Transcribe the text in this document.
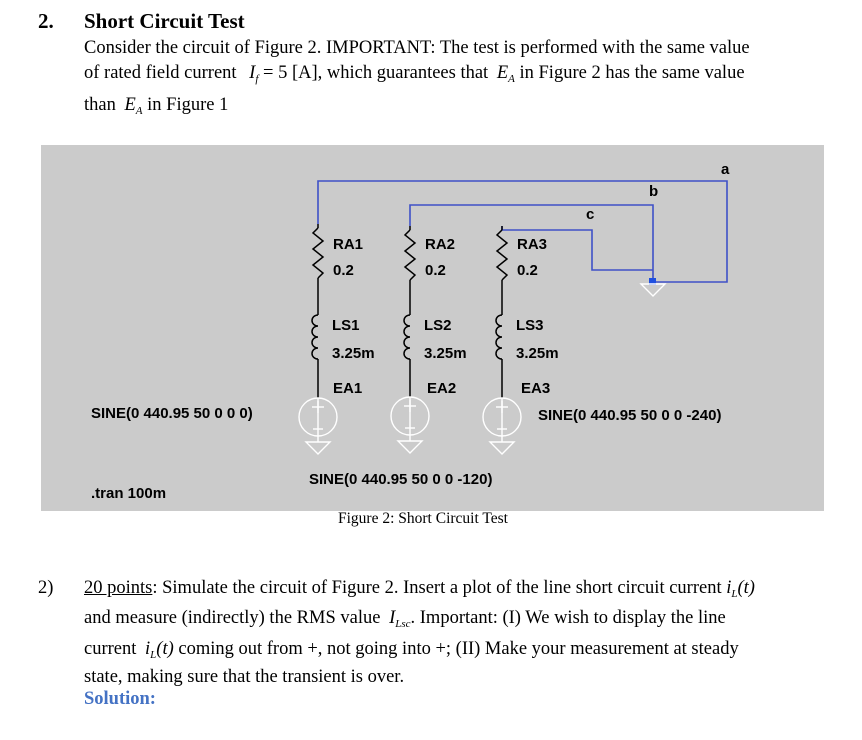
2. Short Circuit Test
Consider the circuit of Figure 2. IMPORTANT: The test is performed with the same value
of rated field current $I_f = 5$ [A], which guarantees that $E_A$ in Figure 2 has the same value
than $E_A$ in Figure 1
RA1
0.2
RA2
0.2
RA3
0.2
LS1
3.25m
LS2
3.25m
LS3
3.25m
EA1	EA2	EA3
SINE(0 440.95 50 0 0 0)
SINE(0 440.95 50 0 0 -120)
SINE(0 440.95 50 0 0 -240)
a
b
c
.tran 100m
Figure 2: Short Circuit Test
2) 20 points: Simulate the circuit of Figure 2. Insert a plot of the line short circuit current $i_L(t)$
and measure (indirectly) the RMS value $I_{Lsc}$. Important: (I) We wish to display the line
current $i_L(t)$ coming out from +, not going into +; (II) Make your measurement at steady
state, making sure that the transient is over.
Solution:
